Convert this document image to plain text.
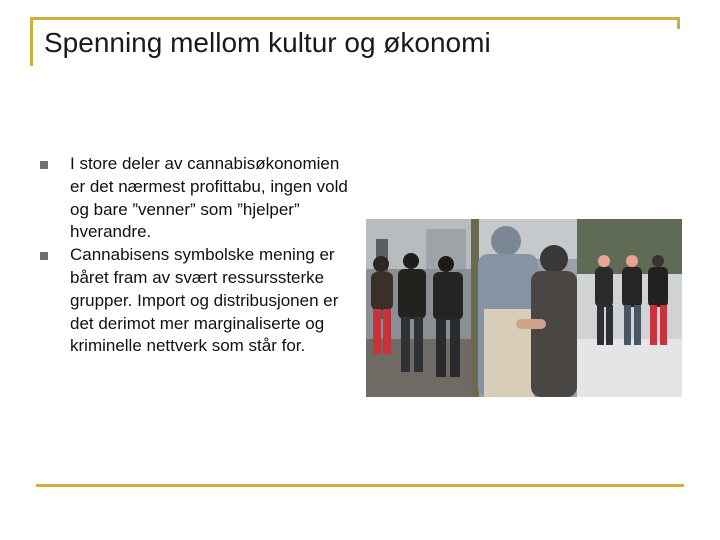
Spenning mellom kultur og økonomi
I store deler av cannabisøkonomien er det nærmest profittabu, ingen vold og bare ”venner” som ”hjelper” hverandre.
Cannabisens symbolske mening er båret fram av svært ressurssterke grupper. Import og distribusjonen er det derimot mer marginaliserte og kriminelle nettverk som står for.
